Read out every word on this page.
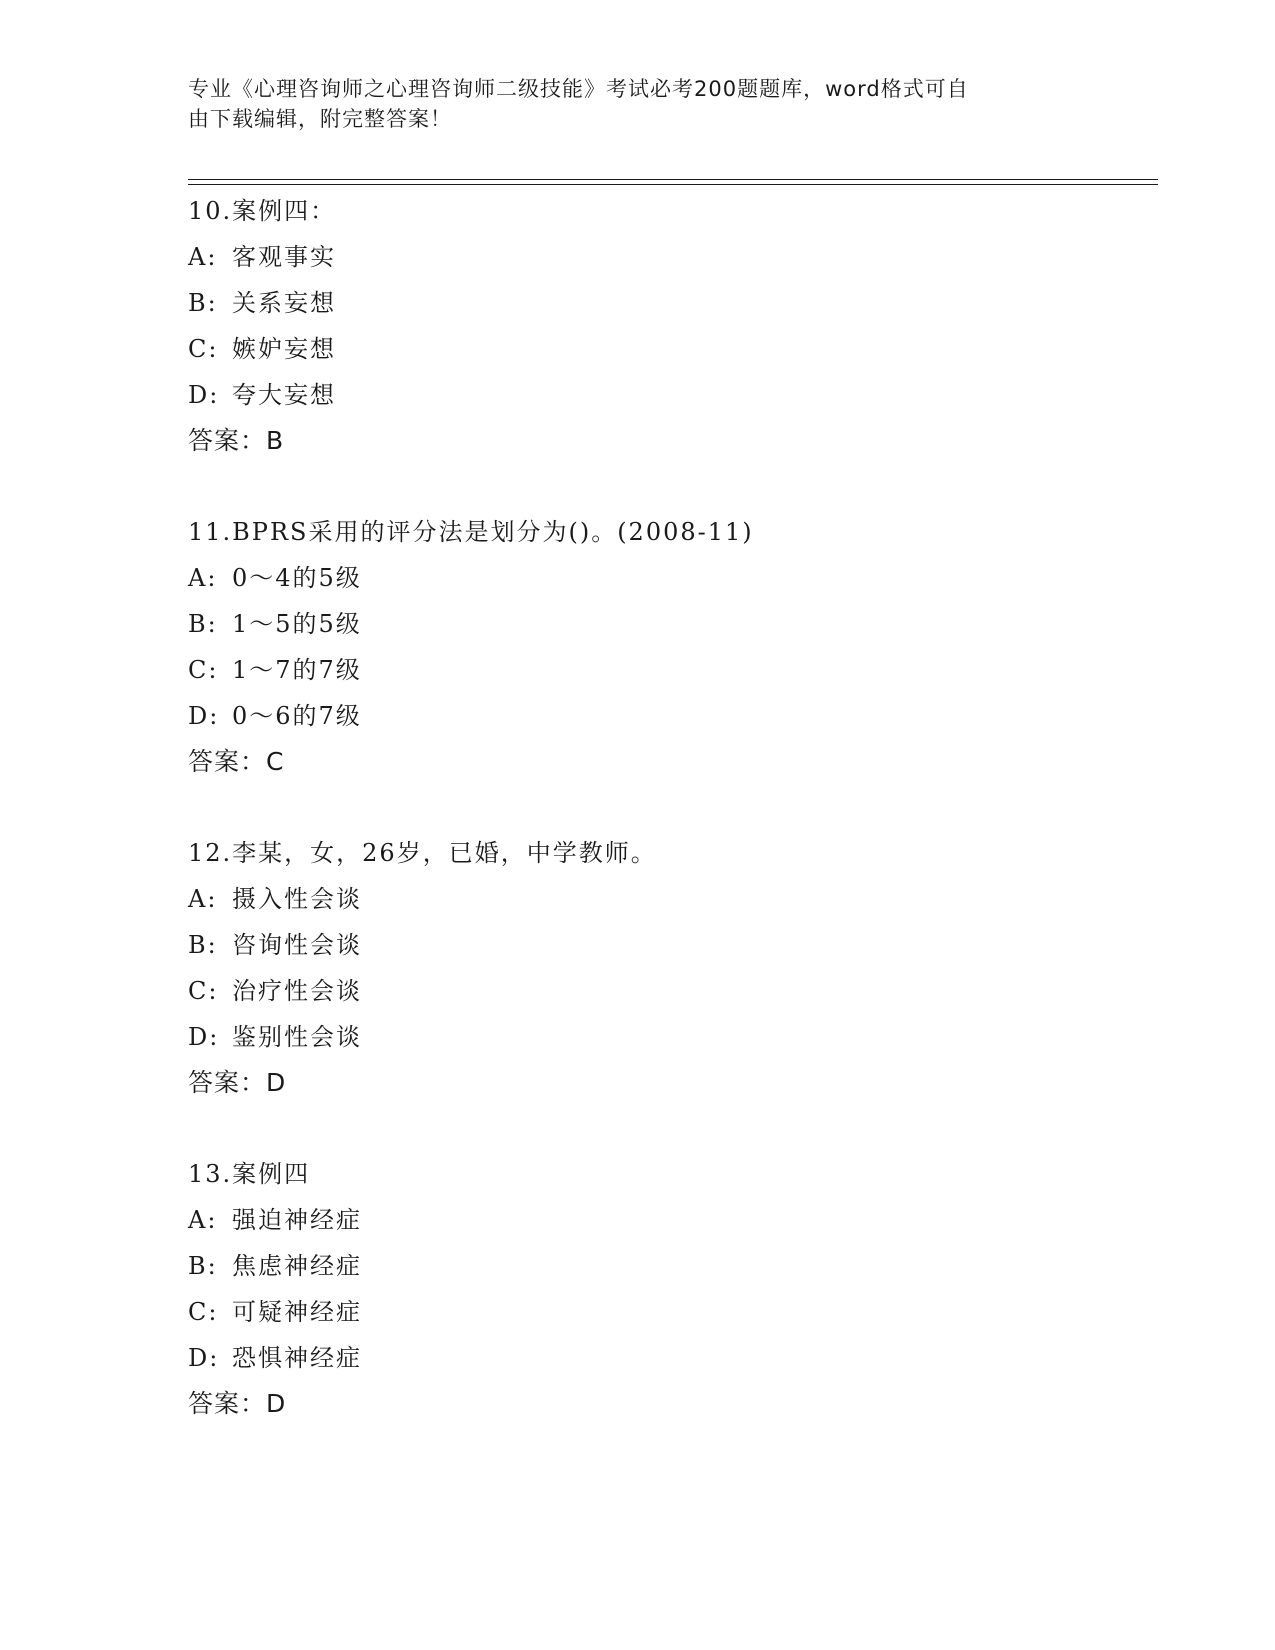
专业《心理咨询师之心理咨询师二级技能》考试必考200题题库，word格式可自
由下载编辑，附完整答案！
10.案例四：
A: 客观事实
B: 关系妄想
C: 嫉妒妄想
D: 夸大妄想
答案：B
11.BPRS采用的评分法是划分为()。(2008-11)
A: 0～4的5级
B: 1～5的5级
C: 1～7的7级
D: 0～6的7级
答案：C
12.李某，女，26岁，已婚，中学教师。
A: 摄入性会谈
B: 咨询性会谈
C: 治疗性会谈
D: 鉴别性会谈
答案：D
13.案例四
A: 强迫神经症
B: 焦虑神经症
C: 可疑神经症
D: 恐惧神经症
答案：D
